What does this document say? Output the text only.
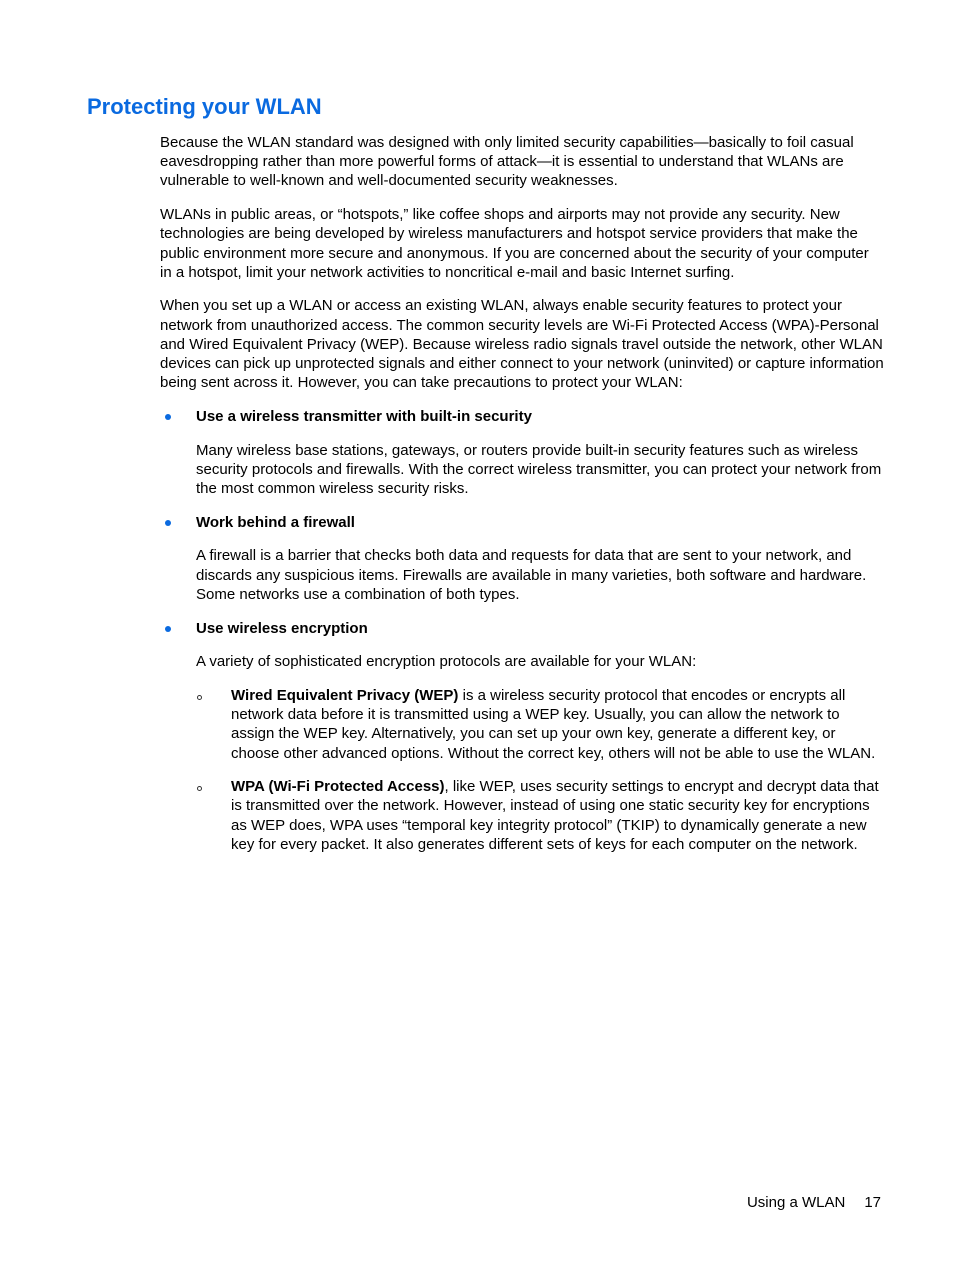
Protecting your WLAN

Because the WLAN standard was designed with only limited security capabilities—basically to foil casual eavesdropping rather than more powerful forms of attack—it is essential to understand that WLANs are vulnerable to well-known and well-documented security weaknesses.

WLANs in public areas, or “hotspots,” like coffee shops and airports may not provide any security. New technologies are being developed by wireless manufacturers and hotspot service providers that make the public environment more secure and anonymous. If you are concerned about the security of your computer in a hotspot, limit your network activities to noncritical e-mail and basic Internet surfing.

When you set up a WLAN or access an existing WLAN, always enable security features to protect your network from unauthorized access. The common security levels are Wi-Fi Protected Access (WPA)-Personal and Wired Equivalent Privacy (WEP). Because wireless radio signals travel outside the network, other WLAN devices can pick up unprotected signals and either connect to your network (uninvited) or capture information being sent across it. However, you can take precautions to protect your WLAN:

Use a wireless transmitter with built-in security

Many wireless base stations, gateways, or routers provide built-in security features such as wireless security protocols and firewalls. With the correct wireless transmitter, you can protect your network from the most common wireless security risks.

Work behind a firewall

A firewall is a barrier that checks both data and requests for data that are sent to your network, and discards any suspicious items. Firewalls are available in many varieties, both software and hardware. Some networks use a combination of both types.

Use wireless encryption

A variety of sophisticated encryption protocols are available for your WLAN:

Wired Equivalent Privacy (WEP) is a wireless security protocol that encodes or encrypts all network data before it is transmitted using a WEP key. Usually, you can allow the network to assign the WEP key. Alternatively, you can set up your own key, generate a different key, or choose other advanced options. Without the correct key, others will not be able to use the WLAN.
WPA (Wi-Fi Protected Access), like WEP, uses security settings to encrypt and decrypt data that is transmitted over the network. However, instead of using one static security key for encryptions as WEP does, WPA uses “temporal key integrity protocol” (TKIP) to dynamically generate a new key for every packet. It also generates different sets of keys for each computer on the network.
Using a WLAN 17
